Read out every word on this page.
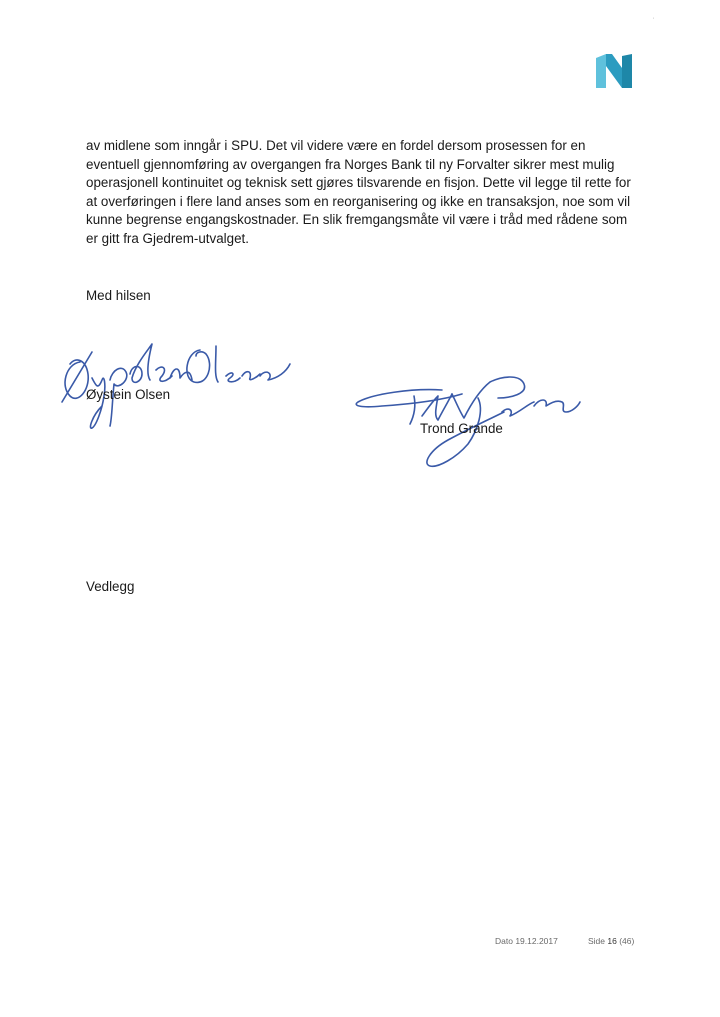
'
av midlene som inngår i SPU. Det vil videre være en fordel dersom prosessen for en
eventuell gjennomføring av overgangen fra Norges Bank til ny Forvalter sikrer mest mulig
operasjonell kontinuitet og teknisk sett gjøres tilsvarende en fisjon. Dette vil legge til rette for
at overføringen i flere land anses som en reorganisering og ikke en transaksjon, noe som vil
kunne begrense engangskostnader. En slik fremgangsmåte vil være i tråd med rådene som
er gitt fra Gjedrem-utvalget.
Med hilsen
Øystein Olsen
Trond Grande
Vedlegg
Dato 19.12.2017	Side 16 (46)
